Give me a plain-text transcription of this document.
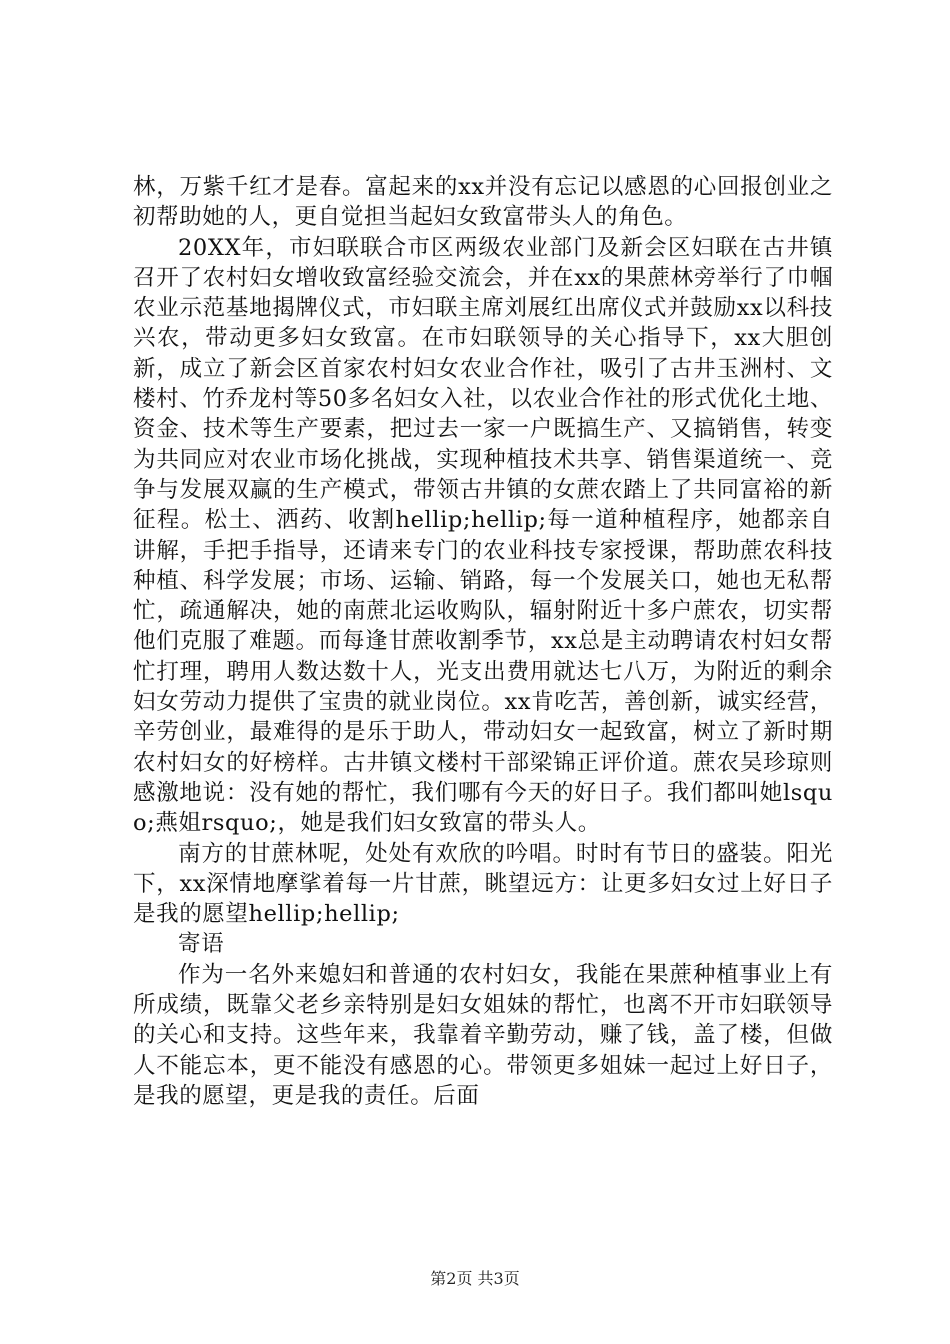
林，万紫千红才是春。富起来的xx并没有忘记以感恩的心回报创业之初帮助她的人，更自觉担当起妇女致富带头人的角色。

20XX年，市妇联联合市区两级农业部门及新会区妇联在古井镇召开了农村妇女增收致富经验交流会，并在xx的果蔗林旁举行了巾帼农业示范基地揭牌仪式，市妇联主席刘展红出席仪式并鼓励xx以科技兴农，带动更多妇女致富。在市妇联领导的关心指导下，xx大胆创新，成立了新会区首家农村妇女农业合作社，吸引了古井玉洲村、文楼村、竹乔龙村等50多名妇女入社，以农业合作社的形式优化土地、资金、技术等生产要素，把过去一家一户既搞生产、又搞销售，转变为共同应对农业市场化挑战，实现种植技术共享、销售渠道统一、竞争与发展双赢的生产模式，带领古井镇的女蔗农踏上了共同富裕的新征程。松土、洒药、收割hellip;hellip;每一道种植程序，她都亲自讲解，手把手指导，还请来专门的农业科技专家授课，帮助蔗农科技种植、科学发展；市场、运输、销路，每一个发展关口，她也无私帮忙，疏通解决，她的南蔗北运收购队，辐射附近十多户蔗农，切实帮他们克服了难题。而每逢甘蔗收割季节，xx总是主动聘请农村妇女帮忙打理，聘用人数达数十人，光支出费用就达七八万，为附近的剩余妇女劳动力提供了宝贵的就业岗位。xx肯吃苦，善创新，诚实经营，辛劳创业，最难得的是乐于助人，带动妇女一起致富，树立了新时期农村妇女的好榜样。古井镇文楼村干部梁锦正评价道。蔗农吴珍琼则感激地说：没有她的帮忙，我们哪有今天的好日子。我们都叫她lsquo;燕姐rsquo;，她是我们妇女致富的带头人。

南方的甘蔗林呢，处处有欢欣的吟唱。时时有节日的盛装。阳光下，xx深情地摩挲着每一片甘蔗，眺望远方：让更多妇女过上好日子是我的愿望hellip;hellip;

寄语

作为一名外来媳妇和普通的农村妇女，我能在果蔗种植事业上有所成绩，既靠父老乡亲特别是妇女姐妹的帮忙，也离不开市妇联领导的关心和支持。这些年来，我靠着辛勤劳动，赚了钱，盖了楼，但做人不能忘本，更不能没有感恩的心。带领更多姐妹一起过上好日子，是我的愿望，更是我的责任。后面

第2页 共3页
